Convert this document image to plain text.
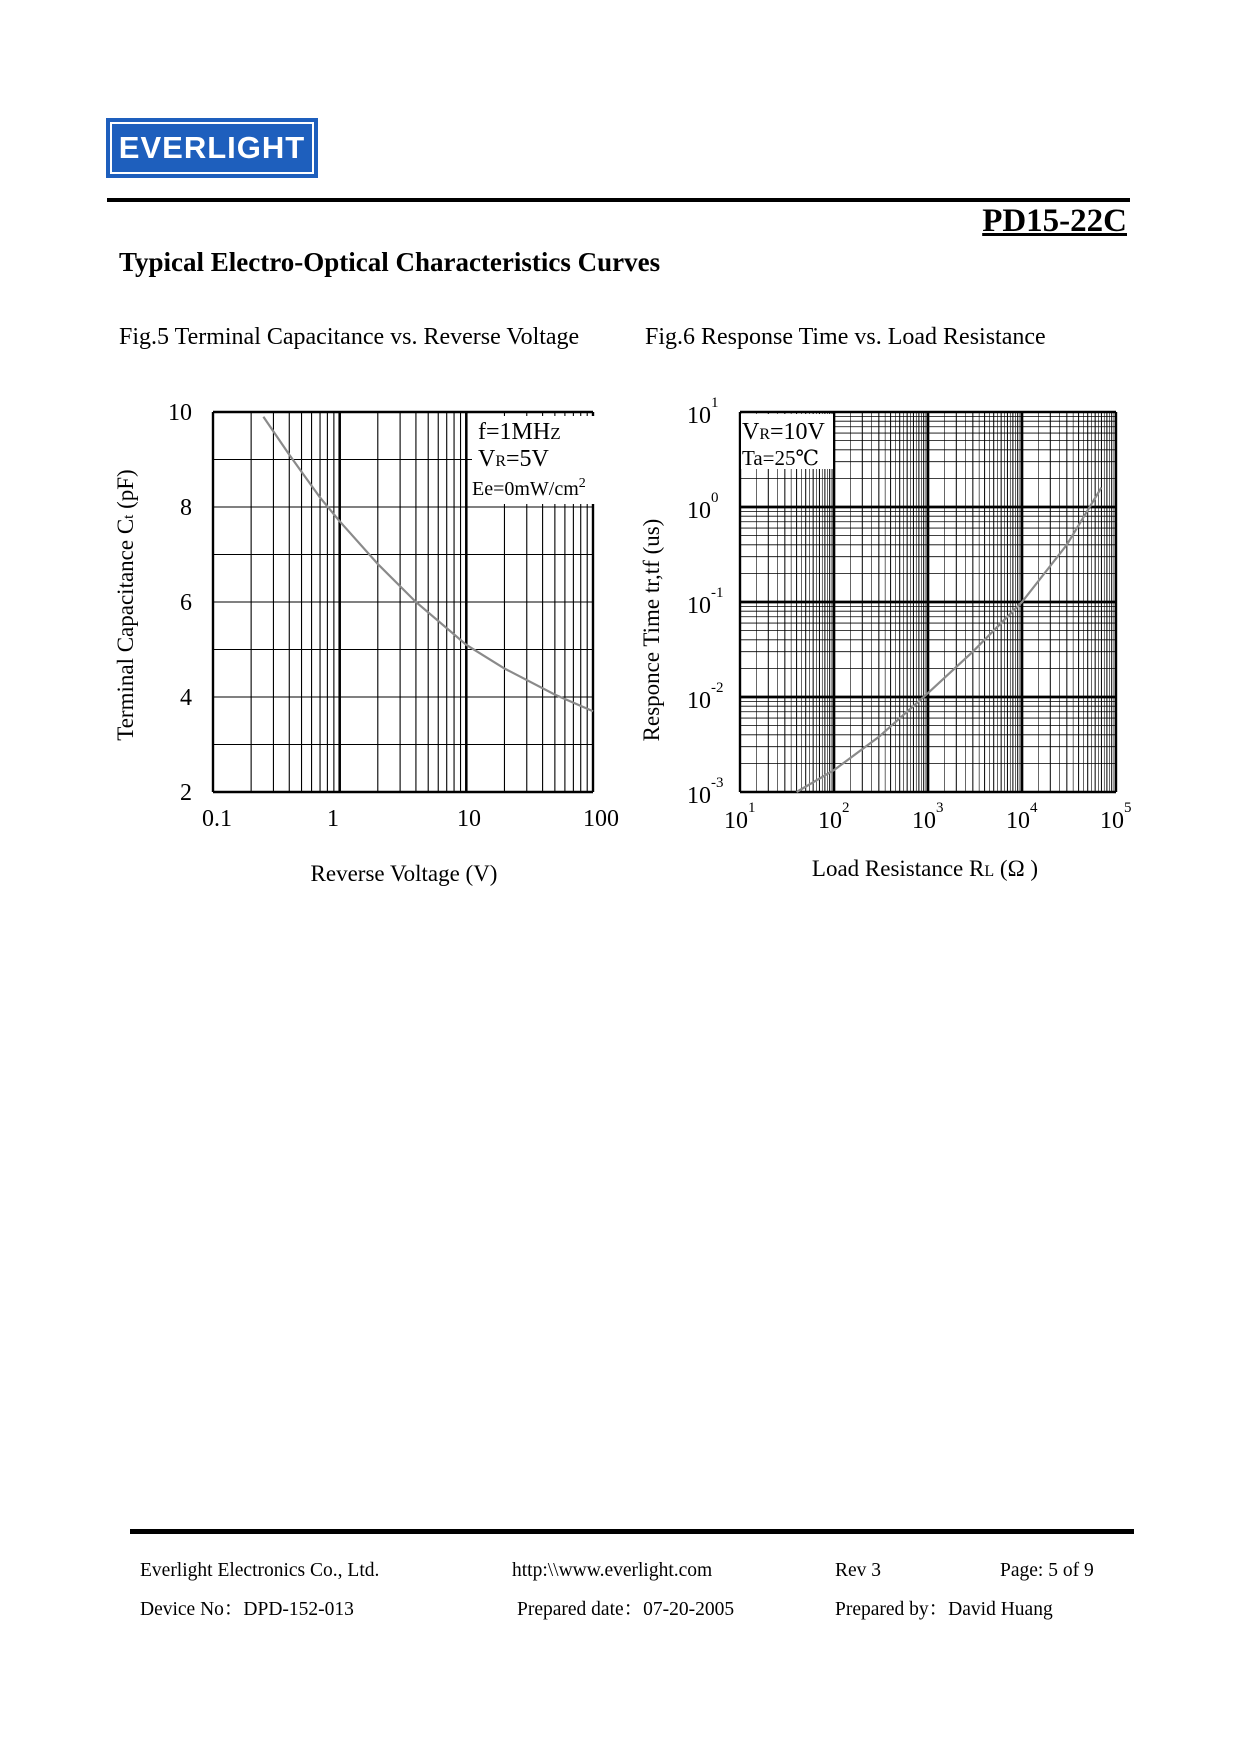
EVERLIGHT
PD15-22C
Typical Electro-Optical Characteristics Curves
Fig.5 Terminal Capacitance vs. Reverse Voltage	Fig.6 Response Time vs. Load Resistance
2
4
6
8
10
0.1	1	10	100
f=1MHZ
VR=5V
$Ee=0mW/cm^2$
Reverse Voltage (V)
Terminal Capacitance Ct (pF)
$10^{-3}$
$10^{-2}$
$10^{-1}$
$10^0$
$10^1$
$10^1$	$10^2$	$10^3$	$10^4$	$10^5$
VR=10V
Ta=25℃
Load Resistance RL (Ω )
Responce Time tr,tf (us)
Everlight Electronics Co., Ltd.	http:\\www.everlight.com	Rev 3	Page: 5 of 9
Device No：DPD-152-013	Prepared date：07-20-2005	Prepared by：David Huang
